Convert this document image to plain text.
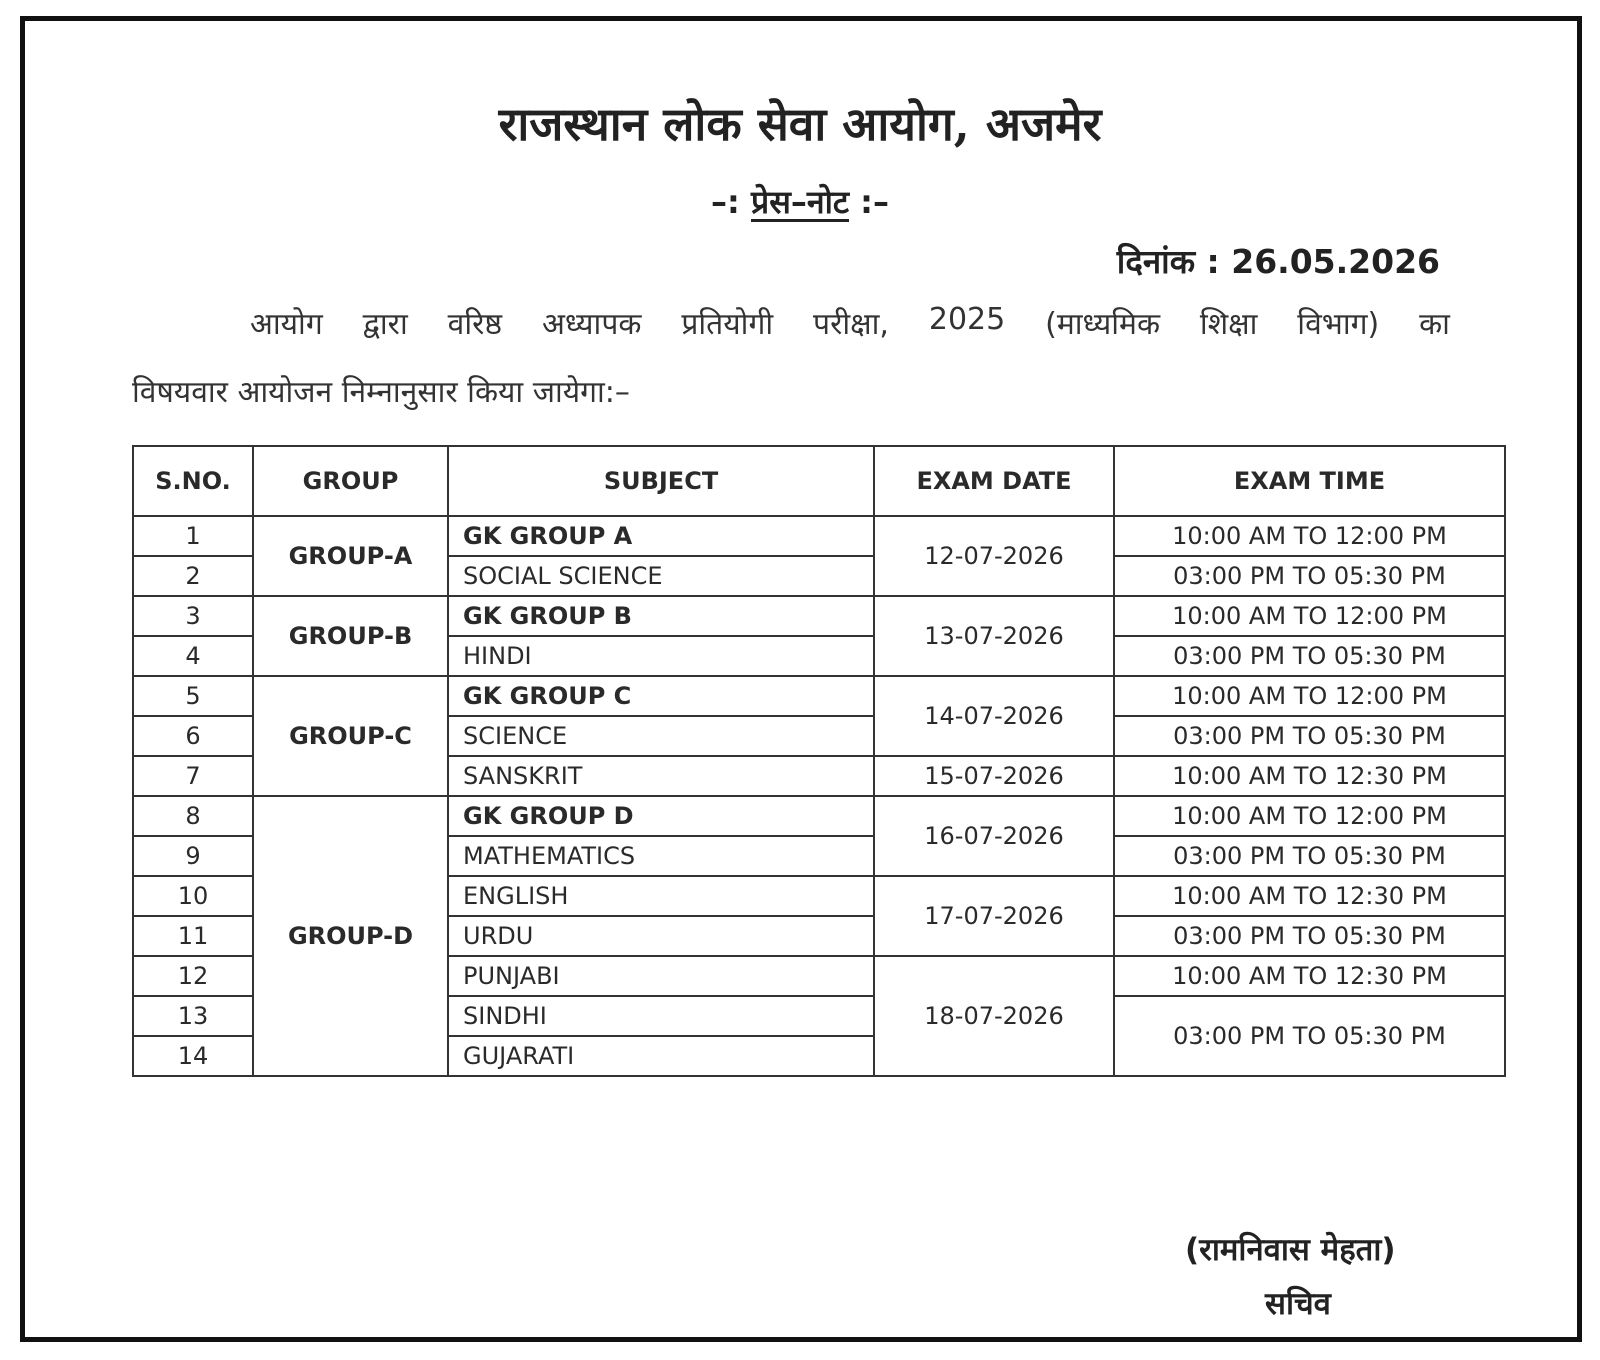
राजस्थान लोक सेवा आयोग, अजमेर
–: प्रेस–नोट :–
दिनांक : 26.05.2026
आयोग द्वारा वरिष्ठ अध्यापक प्रतियोगी परीक्षा, 2025 (माध्यमिक शिक्षा विभाग) का
विषयवार आयोजन निम्नानुसार किया जायेगा:–
S.NO.	GROUP	SUBJECT	EXAM DATE	EXAM TIME
1	GROUP-A	GK GROUP A	12-07-2026	10:00 AM TO 12:00 PM
2		SOCIAL SCIENCE		03:00 PM TO 05:30 PM
3	GROUP-B	GK GROUP B	13-07-2026	10:00 AM TO 12:00 PM
4		HINDI		03:00 PM TO 05:30 PM
5	GROUP-C	GK GROUP C	14-07-2026	10:00 AM TO 12:00 PM
6		SCIENCE		03:00 PM TO 05:30 PM
7		SANSKRIT	15-07-2026	10:00 AM TO 12:30 PM
8	GROUP-D	GK GROUP D	16-07-2026	10:00 AM TO 12:00 PM
9		MATHEMATICS		03:00 PM TO 05:30 PM
10		ENGLISH	17-07-2026	10:00 AM TO 12:30 PM
11		URDU		03:00 PM TO 05:30 PM
12		PUNJABI	18-07-2026	10:00 AM TO 12:30 PM
13		SINDHI		03:00 PM TO 05:30 PM
14		GUJARATI		
(रामनिवास मेहता)
सचिव
